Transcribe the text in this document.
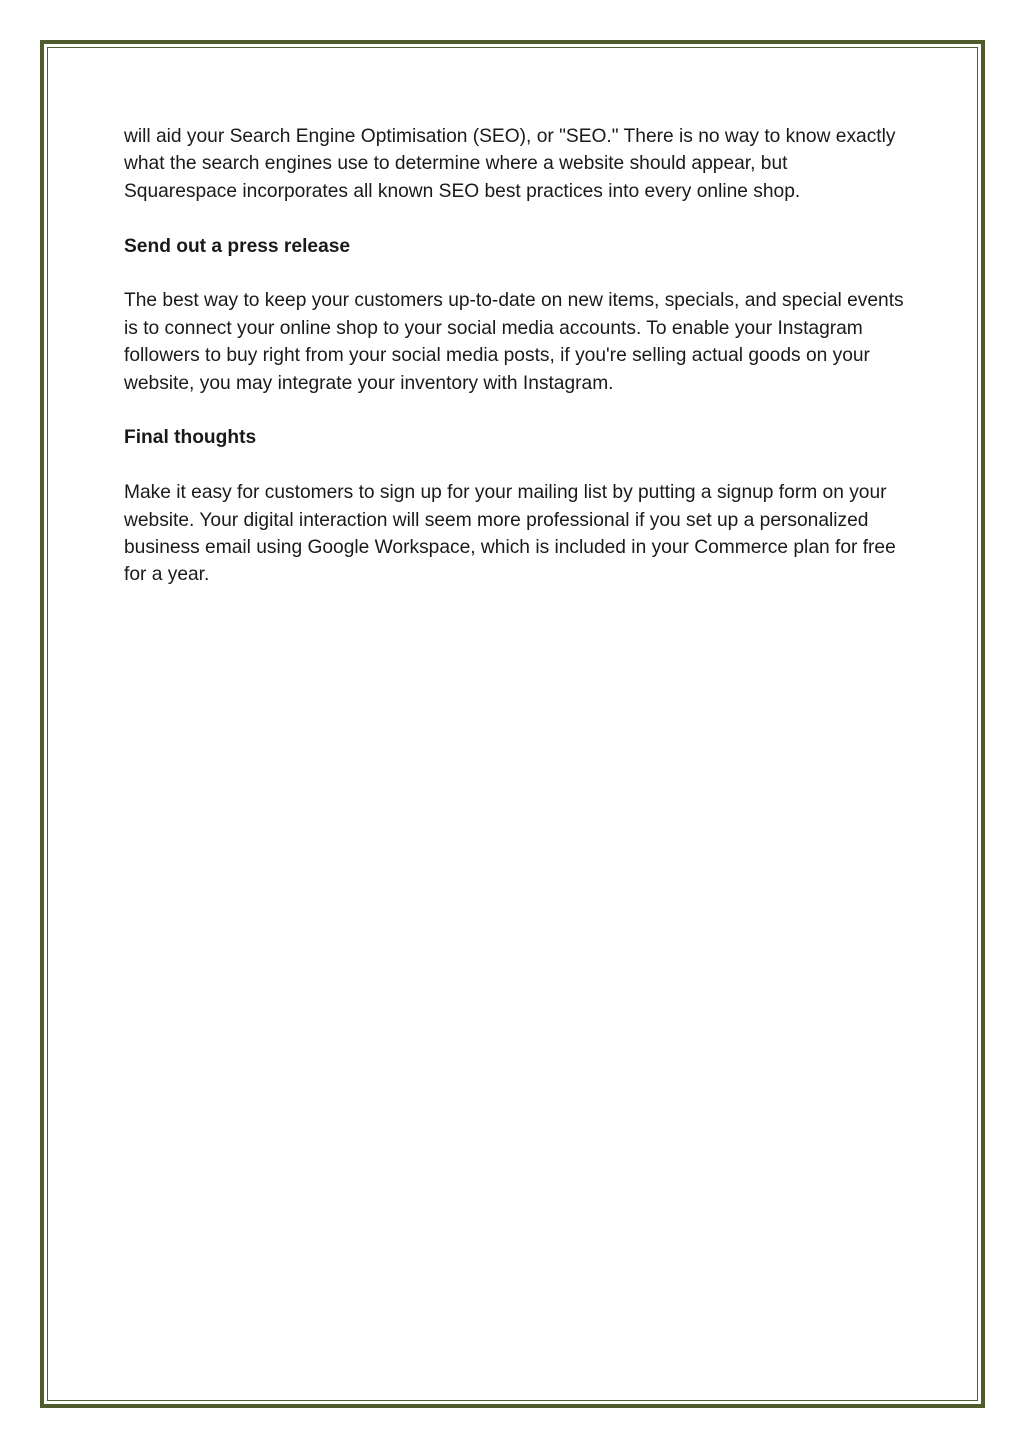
will aid your Search Engine Optimisation (SEO), or "SEO." There is no way to know exactly what the search engines use to determine where a website should appear, but Squarespace incorporates all known SEO best practices into every online shop.

Send out a press release

The best way to keep your customers up-to-date on new items, specials, and special events is to connect your online shop to your social media accounts. To enable your Instagram followers to buy right from your social media posts, if you're selling actual goods on your website, you may integrate your inventory with Instagram.

Final thoughts

Make it easy for customers to sign up for your mailing list by putting a signup form on your website. Your digital interaction will seem more professional if you set up a personalized business email using Google Workspace, which is included in your Commerce plan for free for a year.
